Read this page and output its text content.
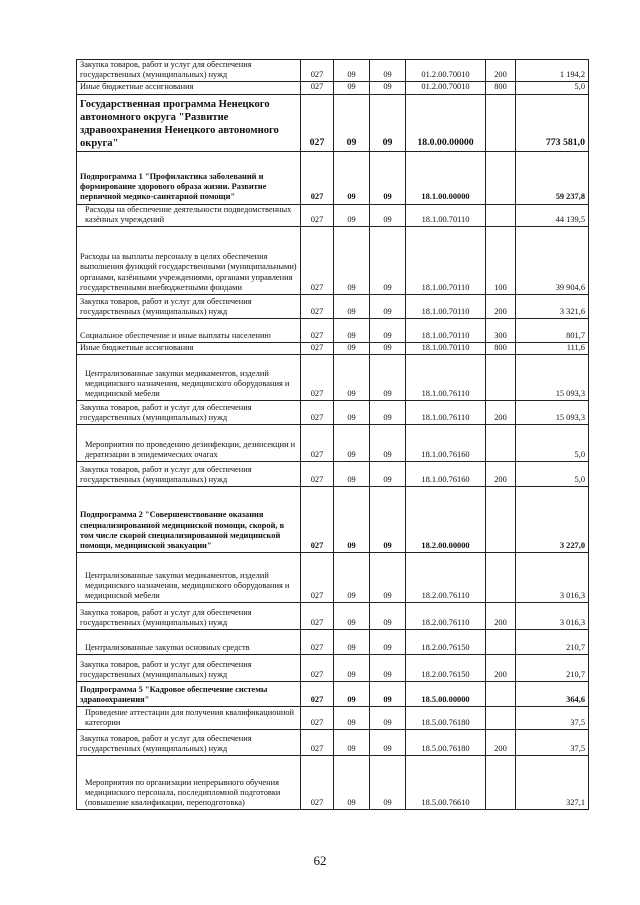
Закупка товаров, работ и услуг для обеспечения государственных (муниципальных) нужд	027	09	09	01.2.00.70010	200	1 194,2
Иные бюджетные ассигнования	027	09	09	01.2.00.70010	800	5,0
Государственная программа Ненецкого автономного округа "Развитие здравоохранения Ненецкого автономного округа"	027	09	09	18.0.00.00000		773 581,0
Подпрограмма 1 "Профилактика заболеваний и формирование здорового образа жизни. Развитие первичной медико-санитарной помощи"	027	09	09	18.1.00.00000		59 237,8
Расходы на обеспечение деятельности подведомственных казённых учреждений	027	09	09	18.1.00.70110		44 139,5
Расходы на выплаты персоналу в целях обеспечения выполнения функций государственными (муниципальными) органами, казёнными учреждениями, органами управления государственными внебюджетными фондами	027	09	09	18.1.00.70110	100	39 904,6
Закупка товаров, работ и услуг для обеспечения государственных (муниципальных) нужд	027	09	09	18.1.00.70110	200	3 321,6
Социальное обеспечение и иные выплаты населению	027	09	09	18.1.00.70110	300	801,7
Иные бюджетные ассигнования	027	09	09	18.1.00.70110	800	111,6
Централизованные закупки медикаментов, изделий медицинского назначения, медицинского оборудования и медицинской мебели	027	09	09	18.1.00.76110		15 093,3
Закупка товаров, работ и услуг для обеспечения государственных (муниципальных) нужд	027	09	09	18.1.00.76110	200	15 093,3
Мероприятия по проведению дезинфекции, дезинсекции и дератизации в эпидемических очагах	027	09	09	18.1.00.76160		5,0
Закупка товаров, работ и услуг для обеспечения государственных (муниципальных) нужд	027	09	09	18.1.00.76160	200	5,0
Подпрограмма 2 "Совершенствование оказания специализированной медицинской помощи, скорой, в том числе скорой специализированной медицинской помощи, медицинской эвакуации"	027	09	09	18.2.00.00000		3 227,0
Централизованные закупки медикаментов, изделий медицинского назначения, медицинского оборудования и медицинской мебели	027	09	09	18.2.00.76110		3 016,3
Закупка товаров, работ и услуг для обеспечения государственных (муниципальных) нужд	027	09	09	18.2.00.76110	200	3 016,3
Централизованные закупки основных средств	027	09	09	18.2.00.76150		210,7
Закупка товаров, работ и услуг для обеспечения государственных (муниципальных) нужд	027	09	09	18.2.00.76150	200	210,7
Подпрограмма 5 "Кадровое обеспечение системы здравоохранения"	027	09	09	18.5.00.00000		364,6
Проведение аттестации для получения квалификационной категории	027	09	09	18.5.00.76180		37,5
Закупка товаров, работ и услуг для обеспечения государственных (муниципальных) нужд	027	09	09	18.5.00.76180	200	37,5
Мероприятия по организации непрерывного обучения медицинского персонала, последипломной подготовки (повышение квалификации, переподготовка)	027	09	09	18.5.00.76610		327,1
62
